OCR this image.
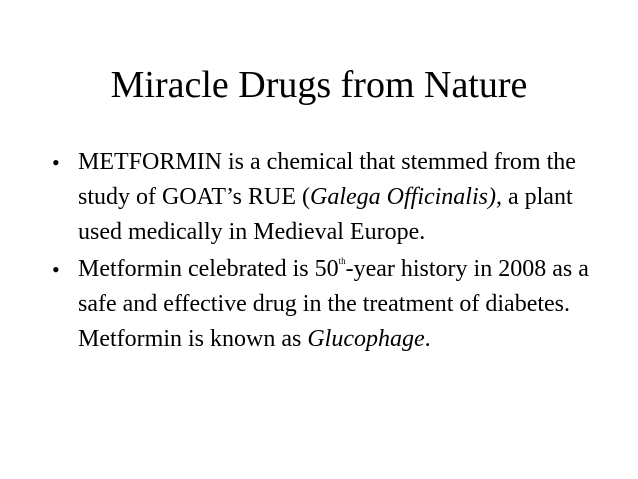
Miracle Drugs from Nature
• METFORMIN is a chemical that stemmed from the study of GOAT’s RUE (Galega Officinalis), a plant used medically in Medieval Europe.
• Metformin celebrated is 50th-year history in 2008 as a safe and effective drug in the treatment of diabetes. Metformin is known as Glucophage.
